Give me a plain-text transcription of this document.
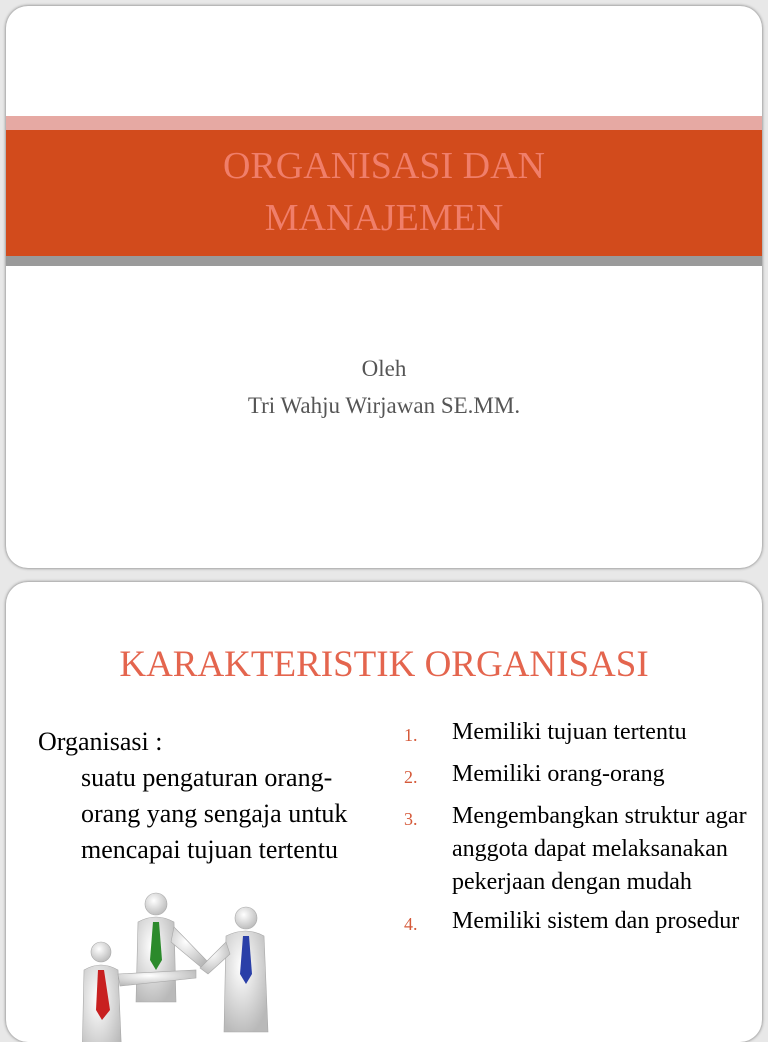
ORGANISASI DAN
MANAJEMEN
Oleh
Tri Wahju Wirjawan SE.MM.
KARAKTERISTIK ORGANISASI
Organisasi :
suatu pengaturan orang-orang yang sengaja untuk mencapai tujuan tertentu
1.	Memiliki tujuan tertentu
2.	Memiliki orang-orang
3.	Mengembangkan struktur agar anggota dapat melaksanakan pekerjaan dengan mudah
4.	Memiliki sistem dan prosedur
